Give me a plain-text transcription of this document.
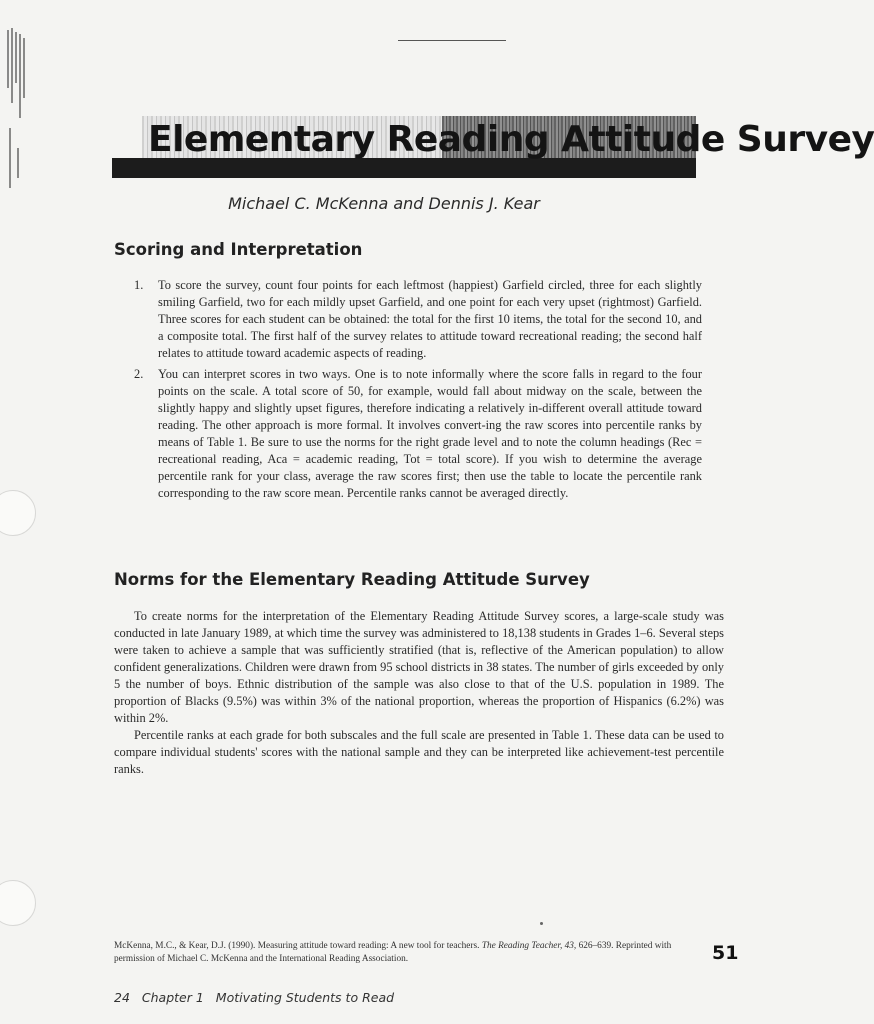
Elementary Reading Attitude Survey
Michael C. McKenna and Dennis J. Kear
Scoring and Interpretation
1. To score the survey, count four points for each leftmost (happiest) Garfield circled, three for each slightly smiling Garfield, two for each mildly upset Garfield, and one point for each very upset (rightmost) Garfield. Three scores for each student can be obtained: the total for the first 10 items, the total for the second 10, and a composite total. The first half of the survey relates to attitude toward recreational reading; the second half relates to attitude toward academic aspects of reading.
2. You can interpret scores in two ways. One is to note informally where the score falls in regard to the four points on the scale. A total score of 50, for example, would fall about midway on the scale, between the slightly happy and slightly upset figures, therefore indicating a relatively in-different overall attitude toward reading. The other approach is more formal. It involves convert-ing the raw scores into percentile ranks by means of Table 1. Be sure to use the norms for the right grade level and to note the column headings (Rec = recreational reading, Aca = academic reading, Tot = total score). If you wish to determine the average percentile rank for your class, average the raw scores first; then use the table to locate the percentile rank corresponding to the raw score mean. Percentile ranks cannot be averaged directly.
Norms for the Elementary Reading Attitude Survey

To create norms for the interpretation of the Elementary Reading Attitude Survey scores, a large-scale study was conducted in late January 1989, at which time the survey was administered to 18,138 students in Grades 1–6. Several steps were taken to achieve a sample that was sufficiently stratified (that is, reflective of the American population) to allow confident generalizations. Children were drawn from 95 school districts in 38 states. The number of girls exceeded by only 5 the number of boys. Ethnic distribution of the sample was also close to that of the U.S. population in 1989. The proportion of Blacks (9.5%) was within 3% of the national proportion, whereas the proportion of Hispanics (6.2%) was within 2%.

Percentile ranks at each grade for both subscales and the full scale are presented in Table 1. These data can be used to compare individual students' scores with the national sample and they can be interpreted like achievement-test percentile ranks.

McKenna, M.C., & Kear, D.J. (1990). Measuring attitude toward reading: A new tool for teachers. The Reading Teacher, 43, 626–639. Reprinted with permission of Michael C. McKenna and the International Reading Association.	51
24 Chapter 1 Motivating Students to Read
